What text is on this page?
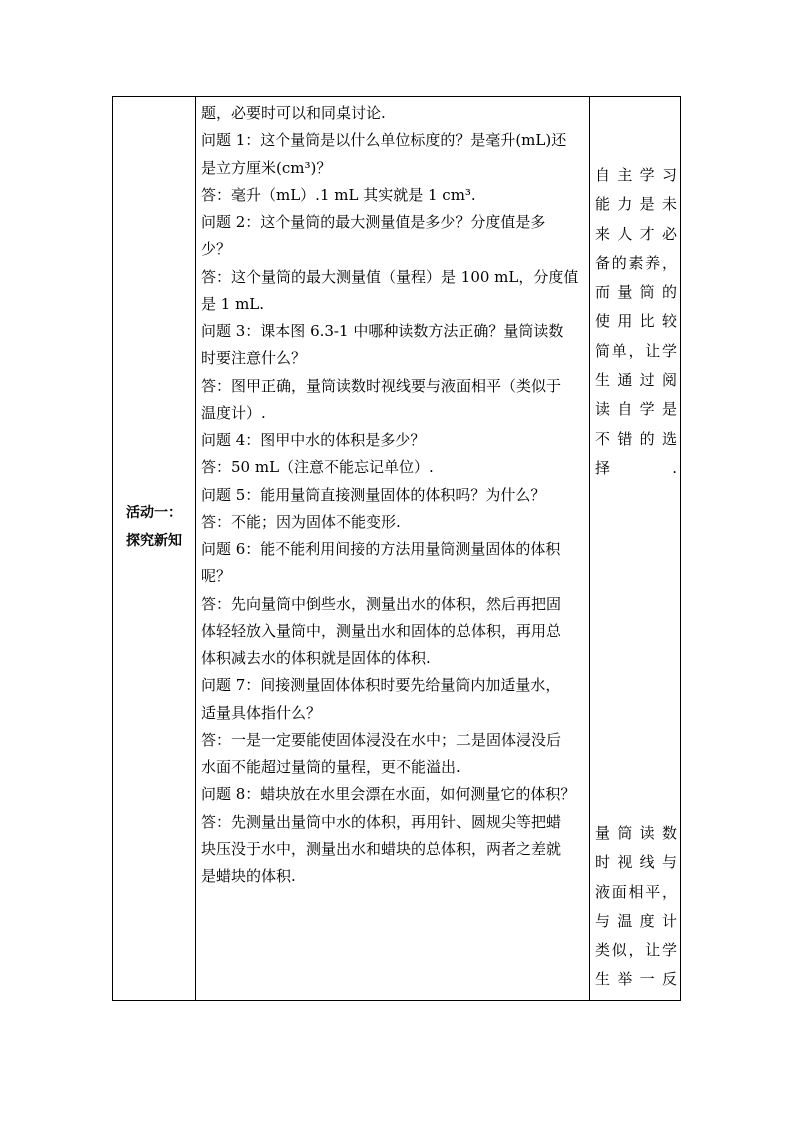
活动一：
探究新知
题，必要时可以和同桌讨论.
问题 1：这个量筒是以什么单位标度的？是毫升(mL)还
是立方厘米(cm³)？
答：毫升（mL）.1 mL 其实就是 1 cm³.
问题 2：这个量筒的最大测量值是多少？分度值是多
少？
答：这个量筒的最大测量值（量程）是 100 mL，分度值
是 1 mL.
问题 3：课本图 6.3-1 中哪种读数方法正确？量筒读数
时要注意什么？
答：图甲正确，量筒读数时视线要与液面相平（类似于
温度计）.
问题 4：图甲中水的体积是多少？
答：50 mL（注意不能忘记单位）.
问题 5：能用量筒直接测量固体的体积吗？为什么？
答：不能；因为固体不能变形.
问题 6：能不能利用间接的方法用量筒测量固体的体积
呢？
答：先向量筒中倒些水，测量出水的体积，然后再把固
体轻轻放入量筒中，测量出水和固体的总体积，再用总
体积减去水的体积就是固体的体积.
问题 7：间接测量固体体积时要先给量筒内加适量水，
适量具体指什么？
答：一是一定要能使固体浸没在水中；二是固体浸没后
水面不能超过量筒的量程，更不能溢出.
问题 8：蜡块放在水里会漂在水面，如何测量它的体积？
答：先测量出量筒中水的体积，再用针、圆规尖等把蜡
块压没于水中，测量出水和蜡块的总体积，两者之差就
是蜡块的体积.
自主学习
能力是未
来人才必
备的素养，
而量筒的
使用比较
简单，让学
生通过阅
读自学是
不错的选
择.
量筒读数
时视线与
液面相平，
与温度计
类似，让学
生举一反
